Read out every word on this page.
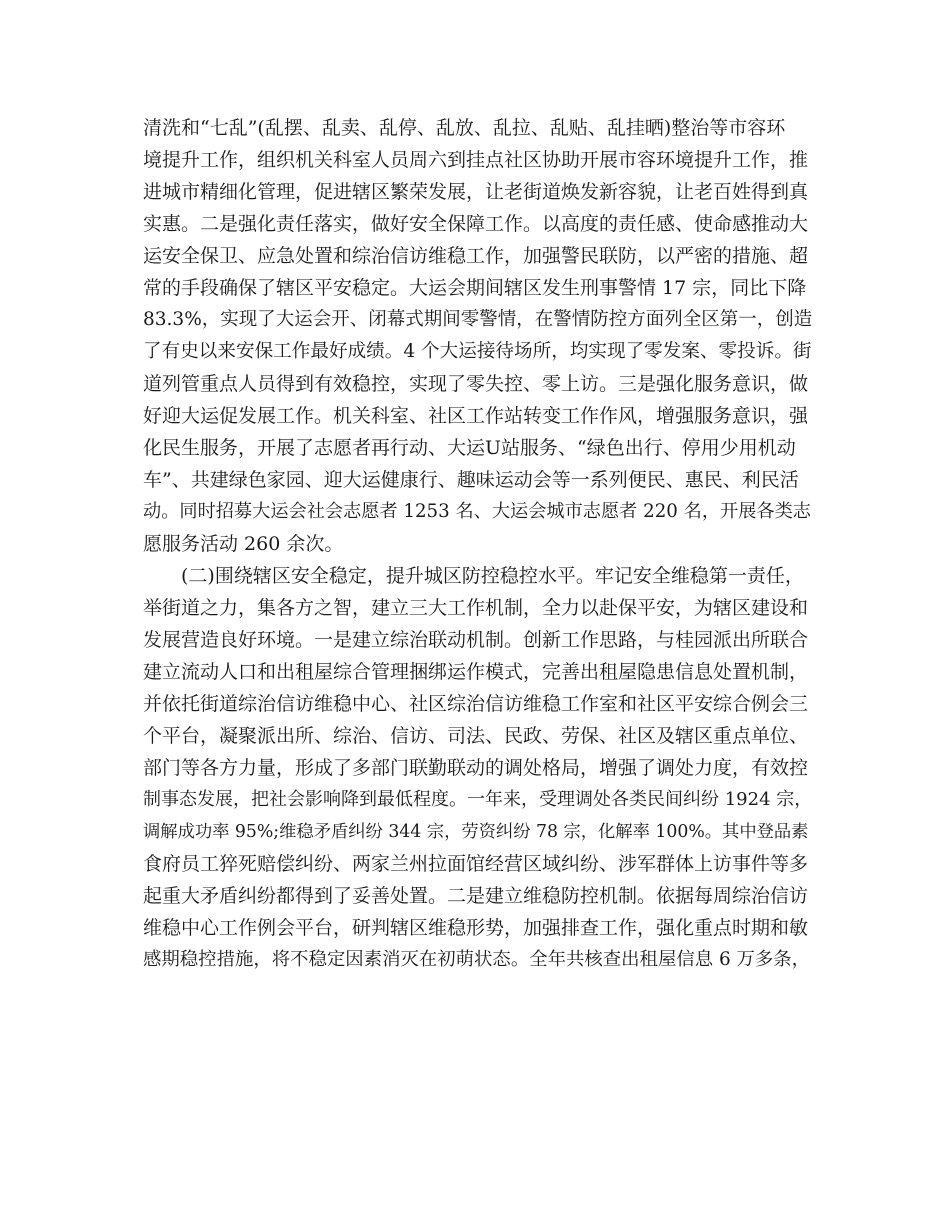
清洗和“七乱”(乱摆、乱卖、乱停、乱放、乱拉、乱贴、乱挂晒)整治等市容环
境提升工作，组织机关科室人员周六到挂点社区协助开展市容环境提升工作，推
进城市精细化管理，促进辖区繁荣发展，让老街道焕发新容貌，让老百姓得到真
实惠。二是强化责任落实，做好安全保障工作。以高度的责任感、使命感推动大
运安全保卫、应急处置和综治信访维稳工作，加强警民联防，以严密的措施、超
常的手段确保了辖区平安稳定。大运会期间辖区发生刑事警情 17 宗，同比下降
83.3%，实现了大运会开、闭幕式期间零警情，在警情防控方面列全区第一，创造
了有史以来安保工作最好成绩。4 个大运接待场所，均实现了零发案、零投诉。街
道列管重点人员得到有效稳控，实现了零失控、零上访。三是强化服务意识，做
好迎大运促发展工作。机关科室、社区工作站转变工作作风，增强服务意识，强
化民生服务，开展了志愿者再行动、大运U站服务、“绿色出行、停用少用机动
车”、共建绿色家园、迎大运健康行、趣味运动会等一系列便民、惠民、利民活
动。同时招募大运会社会志愿者 1253 名、大运会城市志愿者 220 名，开展各类志
愿服务活动 260 余次。
　　(二)围绕辖区安全稳定，提升城区防控稳控水平。牢记安全维稳第一责任，
举街道之力，集各方之智，建立三大工作机制，全力以赴保平安，为辖区建设和
发展营造良好环境。一是建立综治联动机制。创新工作思路，与桂园派出所联合
建立流动人口和出租屋综合管理捆绑运作模式，完善出租屋隐患信息处置机制，
并依托街道综治信访维稳中心、社区综治信访维稳工作室和社区平安综合例会三
个平台，凝聚派出所、综治、信访、司法、民政、劳保、社区及辖区重点单位、
部门等各方力量，形成了多部门联勤联动的调处格局，增强了调处力度，有效控
制事态发展，把社会影响降到最低程度。一年来，受理调处各类民间纠纷 1924 宗，
调解成功率 95%;维稳矛盾纠纷 344 宗，劳资纠纷 78 宗，化解率 100%。其中登品素
食府员工猝死赔偿纠纷、两家兰州拉面馆经营区域纠纷、涉军群体上访事件等多
起重大矛盾纠纷都得到了妥善处置。二是建立维稳防控机制。依据每周综治信访
维稳中心工作例会平台，研判辖区维稳形势，加强排查工作，强化重点时期和敏
感期稳控措施，将不稳定因素消灭在初萌状态。全年共核查出租屋信息 6 万多条，
